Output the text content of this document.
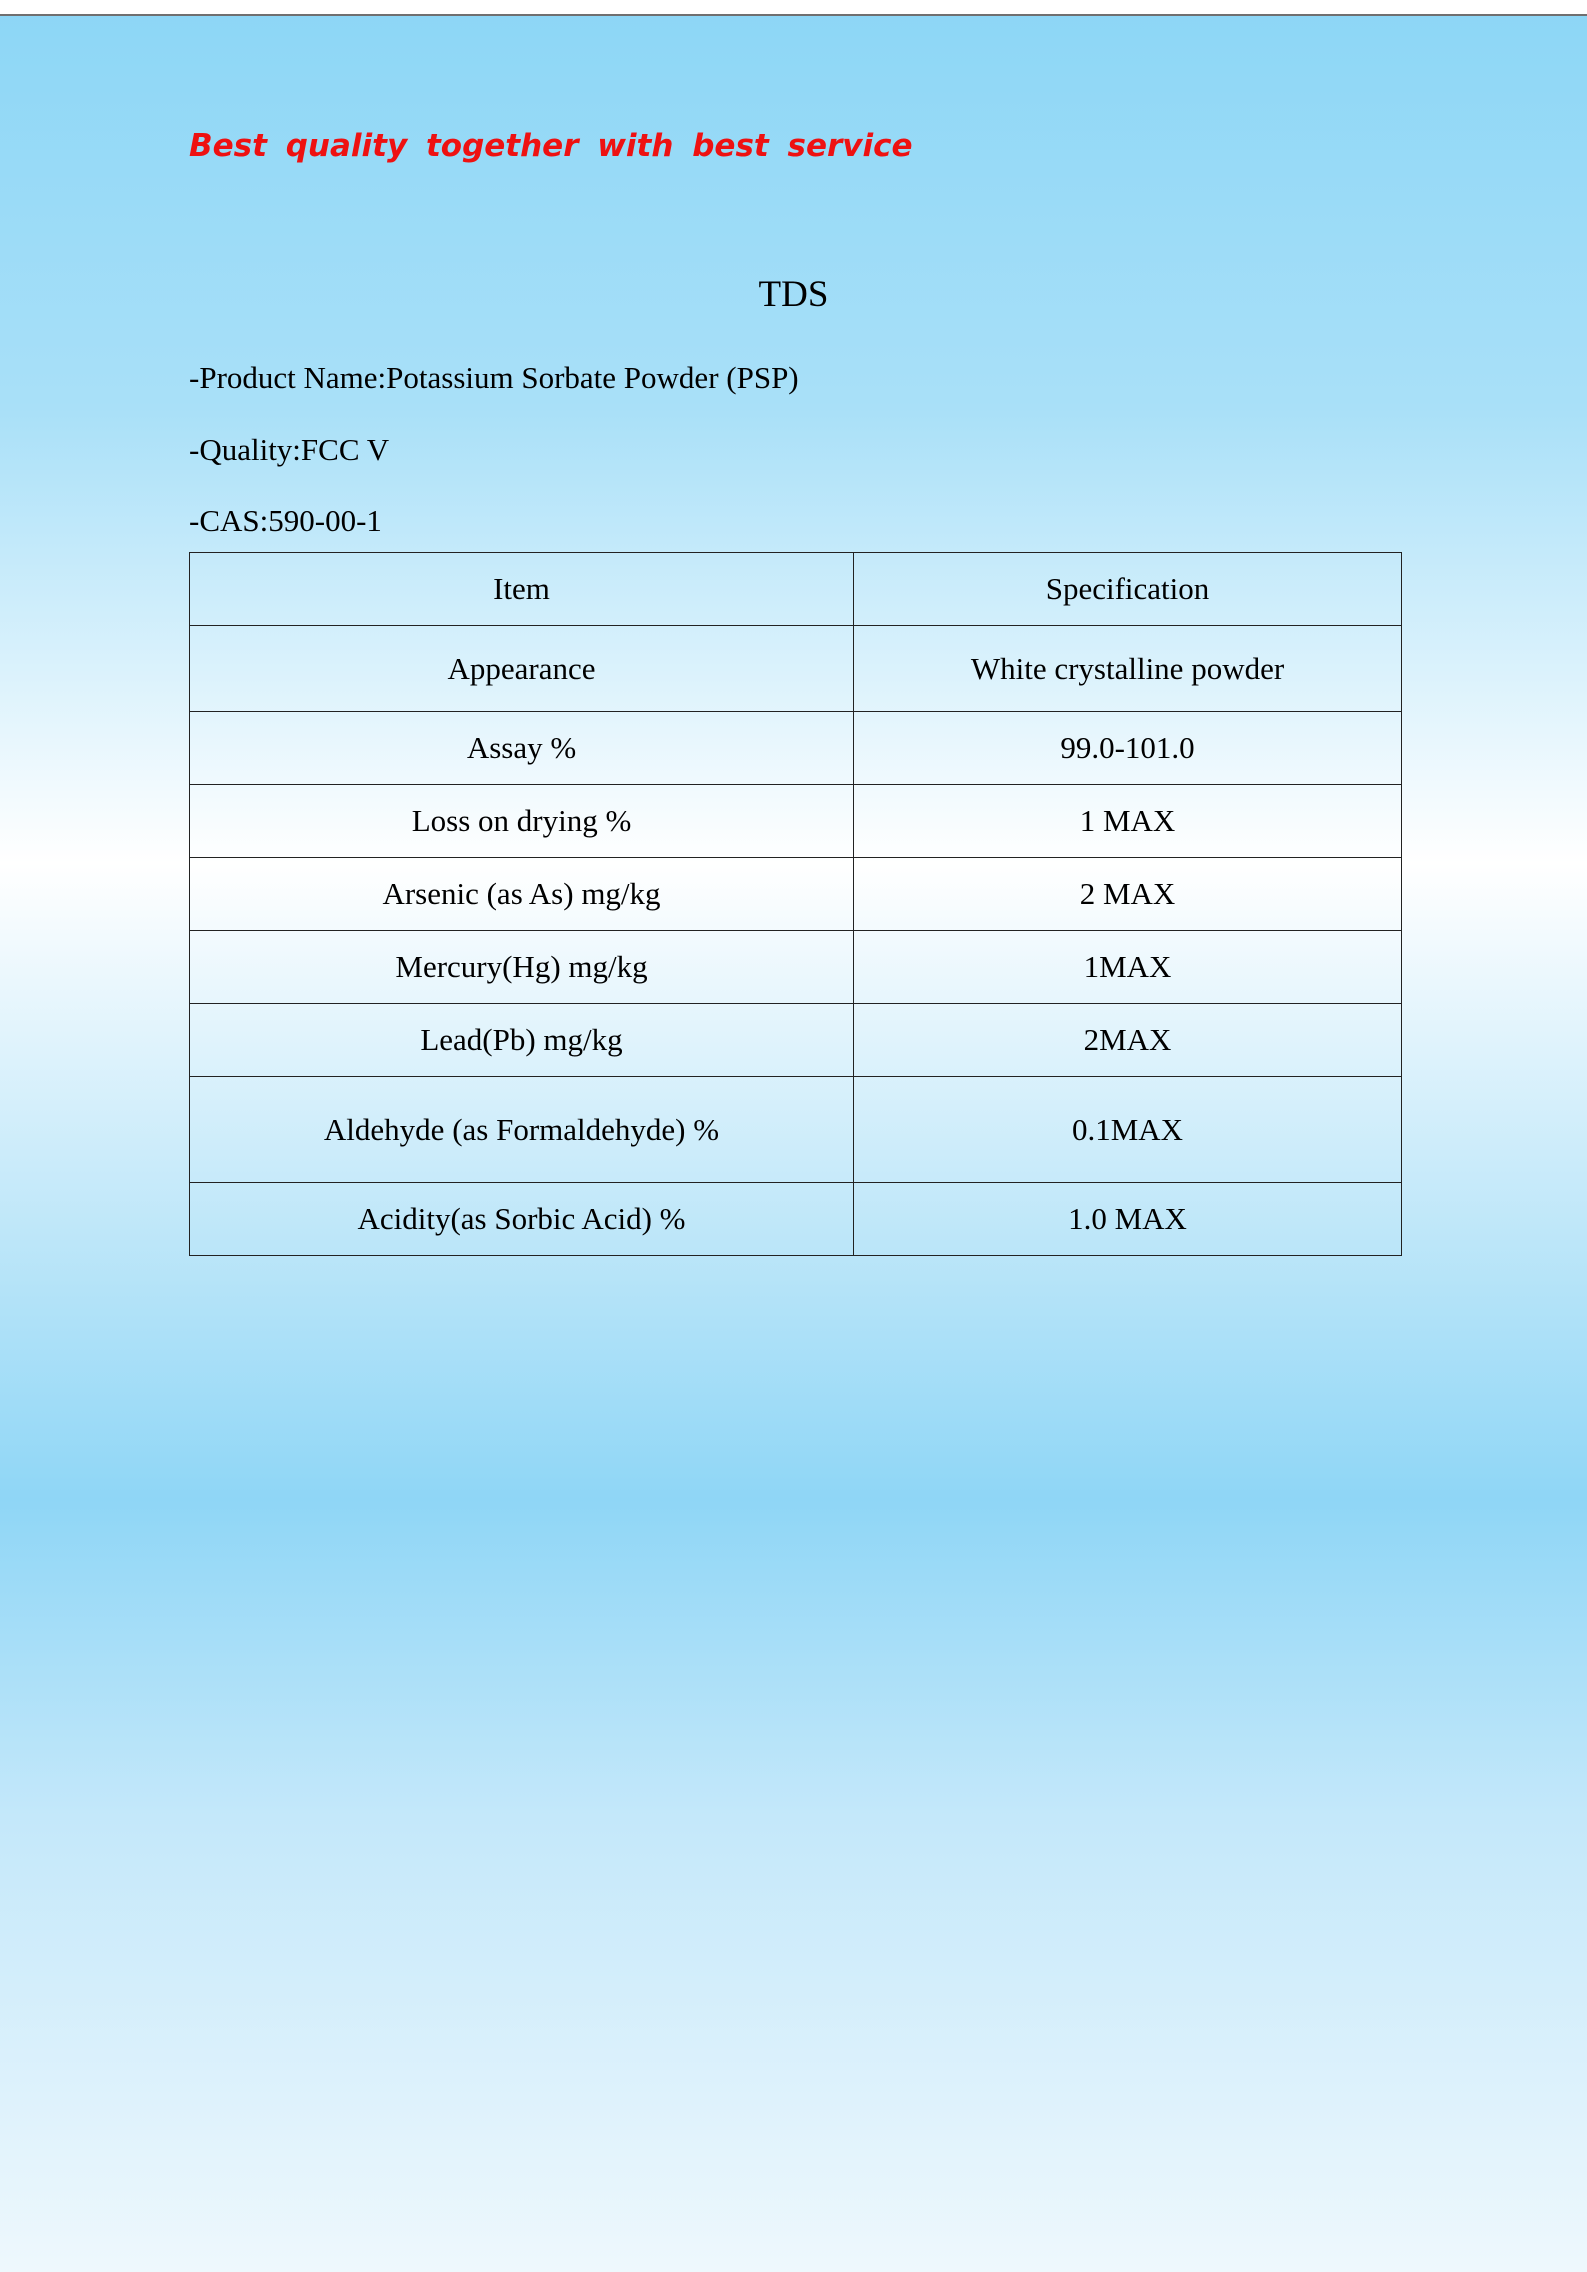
Best quality together with best service
TDS
-Product Name:Potassium Sorbate Powder (PSP)
-Quality:FCC V
-CAS:590-00-1
Item	Specification
Appearance	White crystalline powder
Assay %	99.0-101.0
Loss on drying %	1 MAX
Arsenic (as As) mg/kg	2 MAX
Mercury(Hg) mg/kg	1MAX
Lead(Pb) mg/kg	2MAX
Aldehyde (as Formaldehyde) %	0.1MAX
Acidity(as Sorbic Acid) %	1.0 MAX
